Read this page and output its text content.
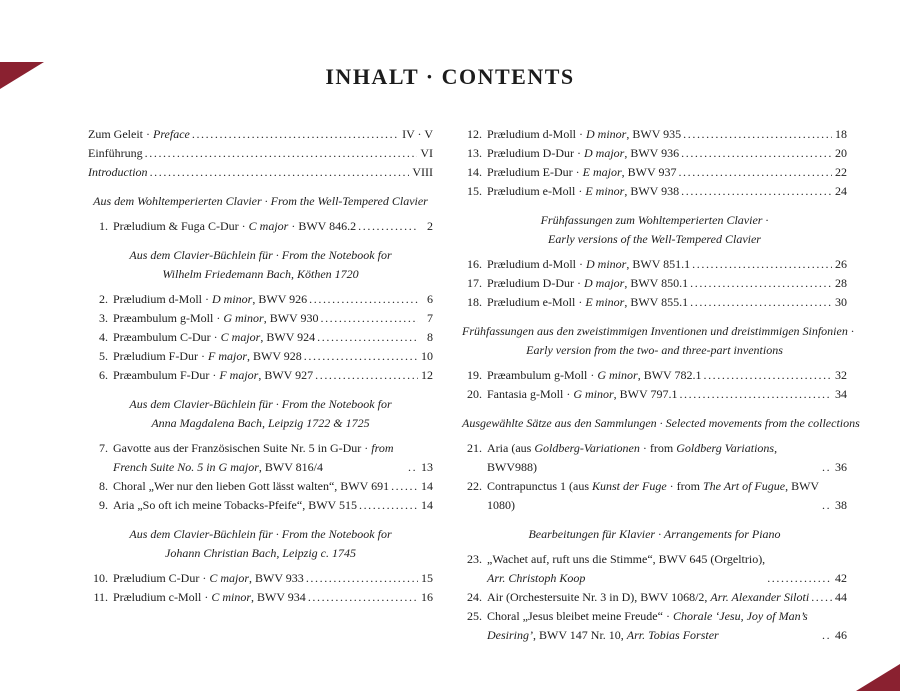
INHALT · CONTENTS
Zum Geleit · Preface .....	IV · V
Einführung .....	VI
Introduction .....	VIII
Aus dem Wohltemperierten Clavier · From the Well-Tempered Clavier
1. Præludium & Fuga C-Dur · C major · BWV 846.2 .....	2
Aus dem Clavier-Büchlein für · From the Notebook for
Wilhelm Friedemann Bach, Köthen 1720
2. Præludium d-Moll · D minor, BWV 926 .....	6
3. Præambulum g-Moll · G minor, BWV 930 .....	7
4. Præambulum C-Dur · C major, BWV 924 .....	8
5. Præludium F-Dur · F major, BWV 928 .....	10
6. Præambulum F-Dur · F major, BWV 927 .....	12
Aus dem Clavier-Büchlein für · From the Notebook for
Anna Magdalena Bach, Leipzig 1722 & 1725
7. Gavotte aus der Französischen Suite Nr. 5 in G-Dur · from French Suite No. 5 in G major, BWV 816/4 .....	13
8. Choral „Wer nur den lieben Gott lässt walten“, BWV 691 .....	14
9. Aria „So oft ich meine Tobacks-Pfeife“, BWV 515 .....	14
Aus dem Clavier-Büchlein für · From the Notebook for
Johann Christian Bach, Leipzig c. 1745
10. Præludium C-Dur · C major, BWV 933 .....	15
11. Præludium c-Moll · C minor, BWV 934 .....	16
12. Præludium d-Moll · D minor, BWV 935 .....	18
13. Præludium D-Dur · D major, BWV 936 .....	20
14. Præludium E-Dur · E major, BWV 937 .....	22
15. Præludium e-Moll · E minor, BWV 938 .....	24
Frühfassungen zum Wohltemperierten Clavier ·
Early versions of the Well-Tempered Clavier
16. Præludium d-Moll · D minor, BWV 851.1 .....	26
17. Præludium D-Dur · D major, BWV 850.1 .....	28
18. Præludium e-Moll · E minor, BWV 855.1 .....	30
Frühfassungen aus den zweistimmigen Inventionen und dreistimmigen Sinfonien ·
Early version from the two- and three-part inventions
19. Præambulum g-Moll · G minor, BWV 782.1 .....	32
20. Fantasia g-Moll · G minor, BWV 797.1 .....	34
Ausgewählte Sätze aus den Sammlungen · Selected movements from the collections
21. Aria (aus Goldberg-Variationen · from Goldberg Variations, BWV988) .....	36
22. Contrapunctus 1 (aus Kunst der Fuge · from The Art of Fugue, BWV 1080) .....	38
Bearbeitungen für Klavier · Arrangements for Piano
23. „Wachet auf, ruft uns die Stimme“, BWV 645 (Orgeltrio),
Arr. Christoph Koop .....	42
24. Air (Orchestersuite Nr. 3 in D), BWV 1068/2, Arr. Alexander Siloti ..... 44
25. Choral „Jesus bleibet meine Freude“ · Chorale ‘Jesu, Joy of Man’s Desiring’, BWV 147 Nr. 10, Arr. Tobias Forster .....	46
